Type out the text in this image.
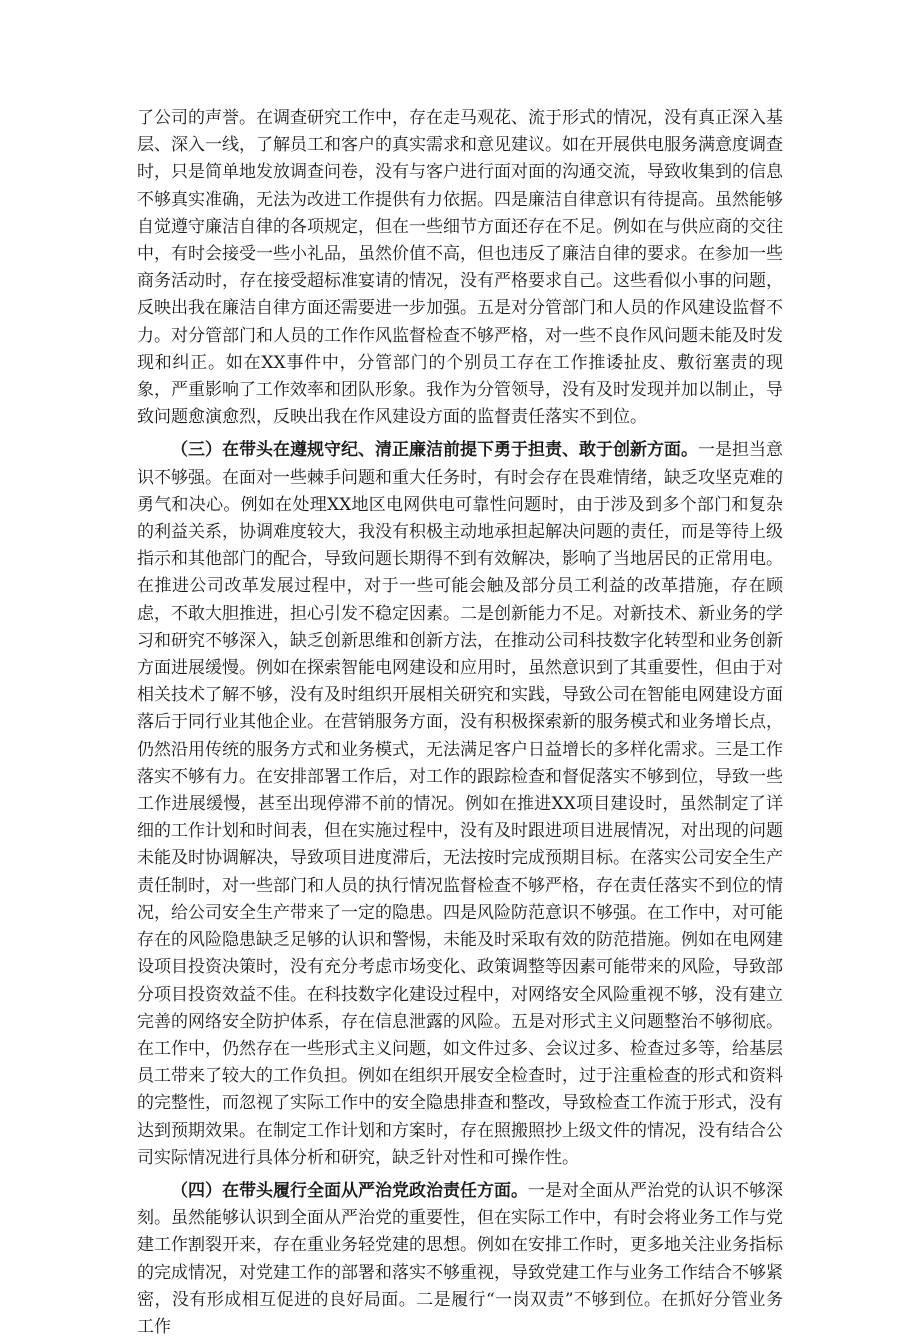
了公司的声誉。在调查研究工作中，存在走马观花、流于形式的情况，没有真正深入基层、深入一线，了解员工和客户的真实需求和意见建议。如在开展供电服务满意度调查时，只是简单地发放调查问卷，没有与客户进行面对面的沟通交流，导致收集到的信息不够真实准确，无法为改进工作提供有力依据。四是廉洁自律意识有待提高。虽然能够自觉遵守廉洁自律的各项规定，但在一些细节方面还存在不足。例如在与供应商的交往中，有时会接受一些小礼品，虽然价值不高，但也违反了廉洁自律的要求。在参加一些商务活动时，存在接受超标准宴请的情况，没有严格要求自己。这些看似小事的问题，反映出我在廉洁自律方面还需要进一步加强。五是对分管部门和人员的作风建设监督不力。对分管部门和人员的工作作风监督检查不够严格，对一些不良作风问题未能及时发现和纠正。如在XX事件中，分管部门的个别员工存在工作推诿扯皮、敷衍塞责的现象，严重影响了工作效率和团队形象。我作为分管领导，没有及时发现并加以制止，导致问题愈演愈烈，反映出我在作风建设方面的监督责任落实不到位。

（三）在带头在遵规守纪、清正廉洁前提下勇于担责、敢于创新方面。一是担当意识不够强。在面对一些棘手问题和重大任务时，有时会存在畏难情绪，缺乏攻坚克难的勇气和决心。例如在处理XX地区电网供电可靠性问题时，由于涉及到多个部门和复杂的利益关系，协调难度较大，我没有积极主动地承担起解决问题的责任，而是等待上级指示和其他部门的配合，导致问题长期得不到有效解决，影响了当地居民的正常用电。在推进公司改革发展过程中，对于一些可能会触及部分员工利益的改革措施，存在顾虑，不敢大胆推进，担心引发不稳定因素。二是创新能力不足。对新技术、新业务的学习和研究不够深入，缺乏创新思维和创新方法，在推动公司科技数字化转型和业务创新方面进展缓慢。例如在探索智能电网建设和应用时，虽然意识到了其重要性，但由于对相关技术了解不够，没有及时组织开展相关研究和实践，导致公司在智能电网建设方面落后于同行业其他企业。在营销服务方面，没有积极探索新的服务模式和业务增长点，仍然沿用传统的服务方式和业务模式，无法满足客户日益增长的多样化需求。三是工作落实不够有力。在安排部署工作后，对工作的跟踪检查和督促落实不够到位，导致一些工作进展缓慢，甚至出现停滞不前的情况。例如在推进XX项目建设时，虽然制定了详细的工作计划和时间表，但在实施过程中，没有及时跟进项目进展情况，对出现的问题未能及时协调解决，导致项目进度滞后，无法按时完成预期目标。在落实公司安全生产责任制时，对一些部门和人员的执行情况监督检查不够严格，存在责任落实不到位的情况，给公司安全生产带来了一定的隐患。四是风险防范意识不够强。在工作中，对可能存在的风险隐患缺乏足够的认识和警惕，未能及时采取有效的防范措施。例如在电网建设项目投资决策时，没有充分考虑市场变化、政策调整等因素可能带来的风险，导致部分项目投资效益不佳。在科技数字化建设过程中，对网络安全风险重视不够，没有建立完善的网络安全防护体系，存在信息泄露的风险。五是对形式主义问题整治不够彻底。在工作中，仍然存在一些形式主义问题，如文件过多、会议过多、检查过多等，给基层员工带来了较大的工作负担。例如在组织开展安全检查时，过于注重检查的形式和资料的完整性，而忽视了实际工作中的安全隐患排查和整改，导致检查工作流于形式，没有达到预期效果。在制定工作计划和方案时，存在照搬照抄上级文件的情况，没有结合公司实际情况进行具体分析和研究，缺乏针对性和可操作性。

（四）在带头履行全面从严治党政治责任方面。一是对全面从严治党的认识不够深刻。虽然能够认识到全面从严治党的重要性，但在实际工作中，有时会将业务工作与党建工作割裂开来，存在重业务轻党建的思想。例如在安排工作时，更多地关注业务指标的完成情况，对党建工作的部署和落实不够重视，导致党建工作与业务工作结合不够紧密，没有形成相互促进的良好局面。二是履行“一岗双责”不够到位。在抓好分管业务工作
